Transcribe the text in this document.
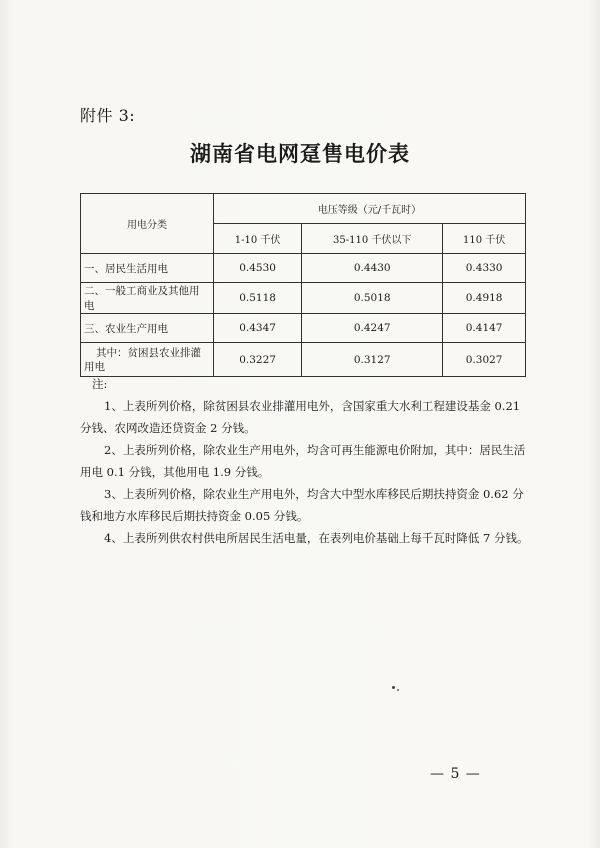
附件 3:
湖南省电网趸售电价表
用电分类	电压等级（元/千瓦时）		
	1-10 千伏	35-110 千伏以下	110 千伏
一、居民生活用电	0.4530	0.4430	0.4330
二、一般工商业及其他用电	0.5118	0.5018	0.4918
三、农业生产用电	0.4347	0.4247	0.4147
其中：贫困县农业排灌用电	0.3227	0.3127	0.3027
注:

1、上表所列价格，除贫困县农业排灌用电外，含国家重大水利工程建设基金 0.21 分钱、农网改造还贷资金 2 分钱。

2、上表所列价格，除农业生产用电外，均含可再生能源电价附加，其中：居民生活用电 0.1 分钱，其他用电 1.9 分钱。

3、上表所列价格，除农业生产用电外，均含大中型水库移民后期扶持资金 0.62 分钱和地方水库移民后期扶持资金 0.05 分钱。

4、上表所列供农村供电所居民生活电量，在表列电价基础上每千瓦时降低 7 分钱。

— 5 —
